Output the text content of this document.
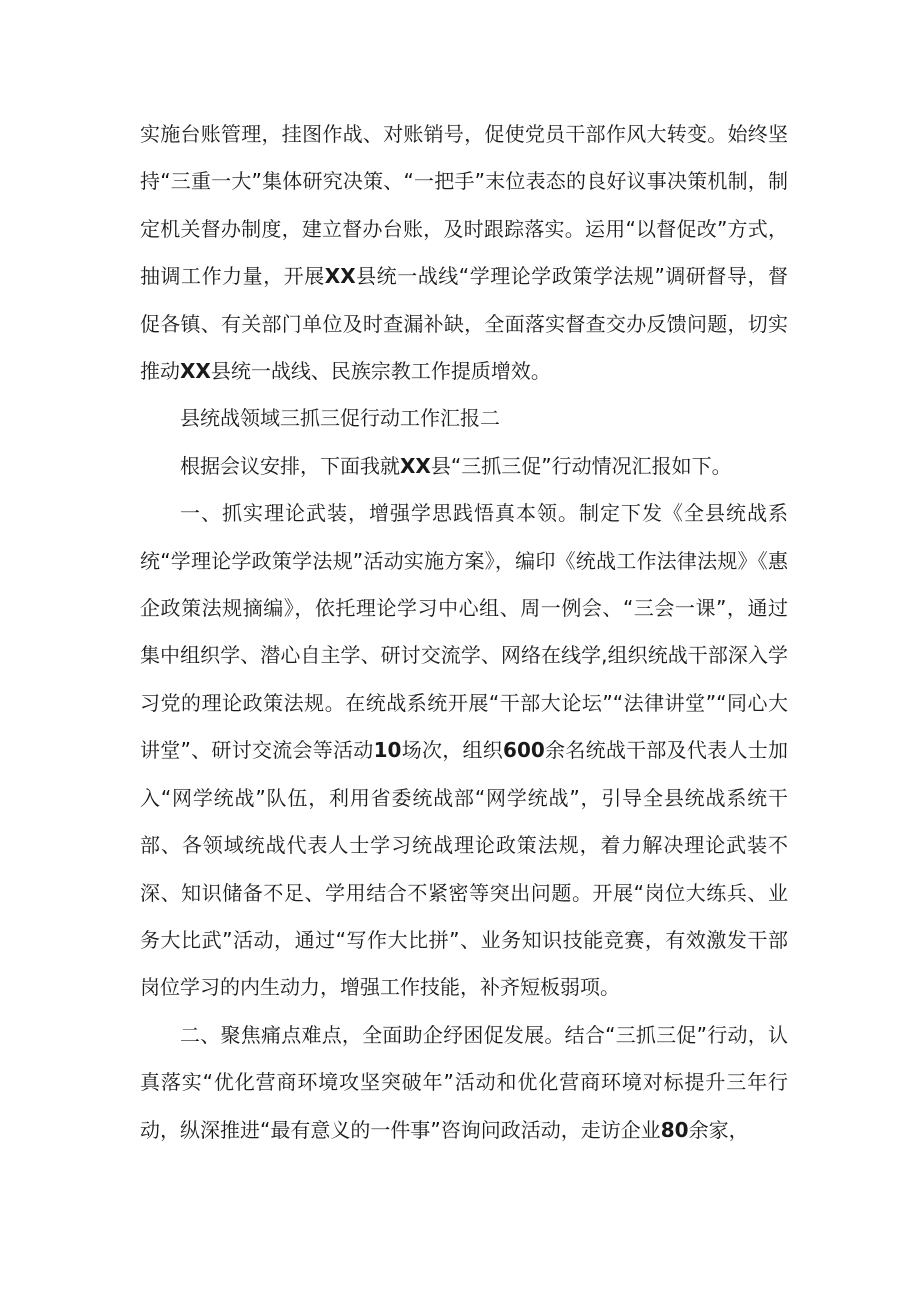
实施台账管理，挂图作战、对账销号，促使党员干部作风大转变。始终坚持“三重一大”集体研究决策、“一把手”末位表态的良好议事决策机制，制定机关督办制度，建立督办台账，及时跟踪落实。运用“以督促改”方式，抽调工作力量，开展XX县统一战线“学理论学政策学法规”调研督导，督促各镇、有关部门单位及时查漏补缺，全面落实督查交办反馈问题，切实推动XX县统一战线、民族宗教工作提质增效。

县统战领域三抓三促行动工作汇报二

根据会议安排，下面我就XX县“三抓三促”行动情况汇报如下。

一、抓实理论武装，增强学思践悟真本领。制定下发《全县统战系统“学理论学政策学法规”活动实施方案》，编印《统战工作法律法规》《惠企政策法规摘编》，依托理论学习中心组、周一例会、“三会一课”，通过集中组织学、潜心自主学、研讨交流学、网络在线学,组织统战干部深入学习党的理论政策法规。在统战系统开展“干部大论坛”“法律讲堂”“同心大讲堂”、研讨交流会等活动10场次，组织600余名统战干部及代表人士加入“网学统战”队伍，利用省委统战部“网学统战”，引导全县统战系统干部、各领域统战代表人士学习统战理论政策法规，着力解决理论武装不深、知识储备不足、学用结合不紧密等突出问题。开展“岗位大练兵、业务大比武”活动，通过“写作大比拼”、业务知识技能竞赛，有效激发干部岗位学习的内生动力，增强工作技能，补齐短板弱项。

二、聚焦痛点难点，全面助企纾困促发展。结合“三抓三促”行动，认真落实“优化营商环境攻坚突破年”活动和优化营商环境对标提升三年行动，纵深推进“最有意义的一件事”咨询问政活动，走访企业80余家，
